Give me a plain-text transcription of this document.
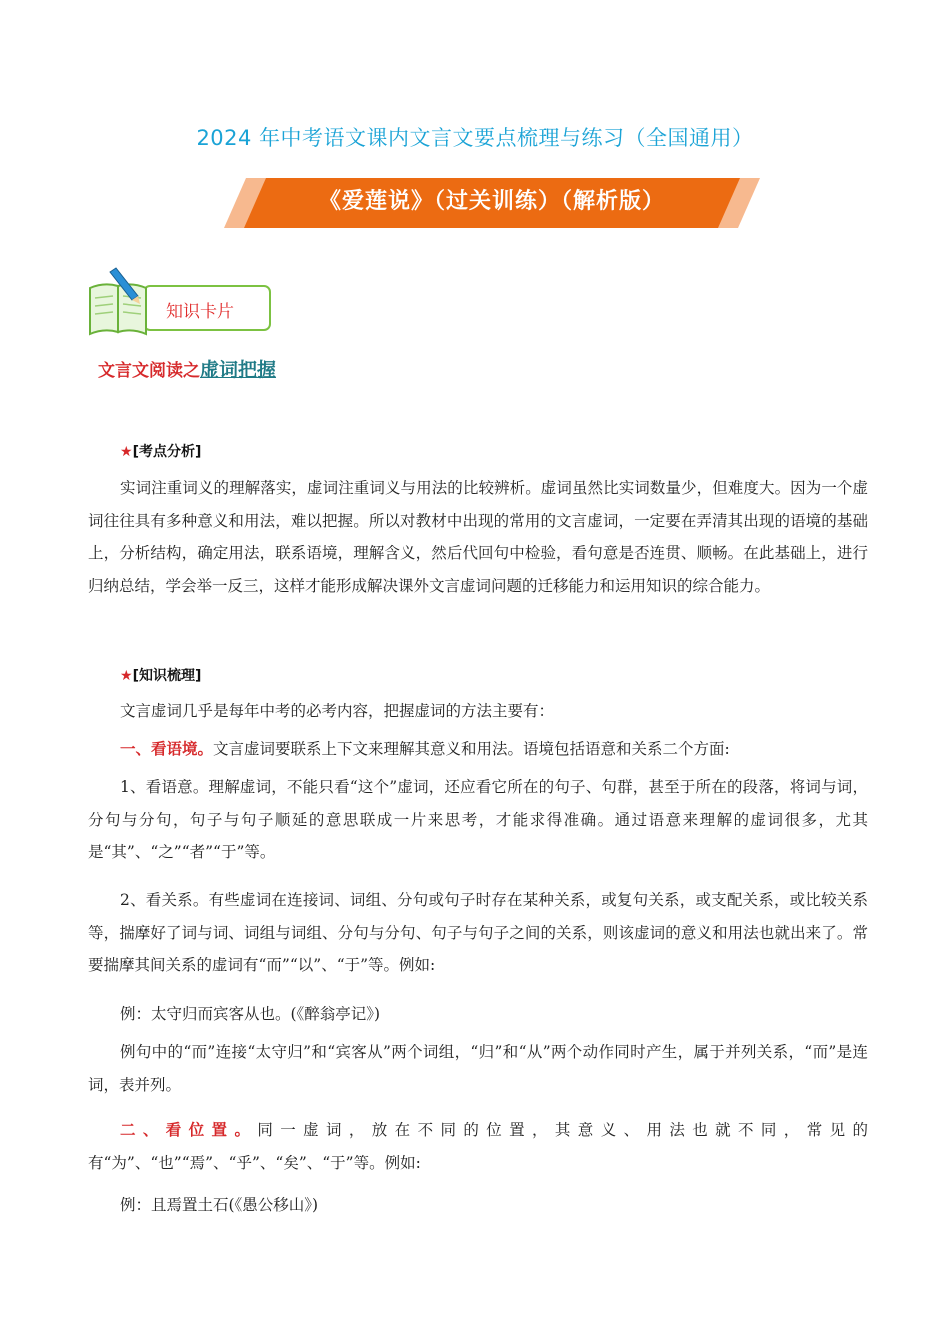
2024 年中考语文课内文言文要点梳理与练习（全国通用）
《爱莲说》（过关训练）（解析版）
知识卡片
文言文阅读之虚词把握
★[考点分析]
实词注重词义的理解落实，虚词注重词义与用法的比较辨析。虚词虽然比实词数量少，但难度大。因为一个虚词往往具有多种意义和用法，难以把握。所以对教材中出现的常用的文言虚词，一定要在弄清其出现的语境的基础上，分析结构，确定用法，联系语境，理解含义，然后代回句中检验，看句意是否连贯、顺畅。在此基础上，进行归纳总结，学会举一反三，这样才能形成解决课外文言虚词问题的迁移能力和运用知识的综合能力。
★[知识梳理]
文言虚词几乎是每年中考的必考内容，把握虚词的方法主要有：
一、看语境。文言虚词要联系上下文来理解其意义和用法。语境包括语意和关系二个方面:
1、看语意。理解虚词，不能只看“这个”虚词，还应看它所在的句子、句群，甚至于所在的段落，将词与词，分句与分句，句子与句子顺延的意思联成一片来思考，才能求得准确。通过语意来理解的虚词很多，尤其是“其”、“之”“者”“于”等。
2、看关系。有些虚词在连接词、词组、分句或句子时存在某种关系，或复句关系，或支配关系，或比较关系等，揣摩好了词与词、词组与词组、分句与分句、句子与句子之间的关系，则该虚词的意义和用法也就出来了。常要揣摩其间关系的虚词有“而”“以”、“于”等。例如:
例：太守归而宾客从也。(《醉翁亭记》)
例句中的“而”连接“太守归”和“宾客从”两个词组，“归”和“从”两个动作同时产生，属于并列关系，“而”是连词，表并列。
二、看位置。同一虚词，放在不同的位置，其意义、用法也就不同，常见的有“为”、“也”“焉”、“乎”、“矣”、“于”等。例如:
例：且焉置土石(《愚公移山》)
